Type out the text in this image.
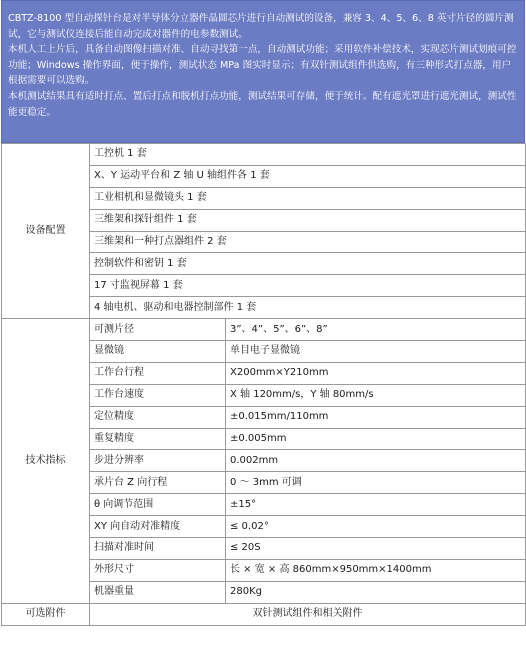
CBTZ-8100 型自动探针台是对半导体分立器件晶圆芯片进行自动测试的设备，兼容 3、4、5、6、8 英寸片径的圆片测试，它与测试仪连接后能自动完成对器件的电参数测试。

本机人工上片后，具备自动图像扫描对准、自动寻找第一点，自动测试功能；采用软件补偿技术，实现芯片测试划痕可控功能；Windows 操作界面，便于操作，测试状态 MPa 图实时显示；有双针测试组件供选购，有三种形式打点器，用户根据需要可以选购。

本机测试结果具有适时打点、置后打点和脱机打点功能，测试结果可存储，便于统计。配有遮光罩进行遮光测试，测试性能更稳定。

设备配置	工控机 1 套	
	X、Y 运动平台和 Z 轴 U 轴组件各 1 套	
	工业相机和显微镜头 1 套	
	三维架和探针组件 1 套	
	三维架和一种打点器组件 2 套	
	控制软件和密钥 1 套	
	17 寸监视屏幕 1 套	
	4 轴电机、驱动和电器控制部件 1 套	
技术指标	可测片径	3”、4”、5”、6”、8”
	显微镜	单目电子显微镜
	工作台行程	X200mm×Y210mm
	工作台速度	X 轴 120mm/s，Y 轴 80mm/s
	定位精度	±0.015mm/110mm
	重复精度	±0.005mm
	步进分辨率	0.002mm
	承片台 Z 向行程	0 ～ 3mm 可调
	θ 向调节范围	±15°
	XY 向自动对准精度	≤ 0.02°
	扫描对准时间	≤ 20S
	外形尺寸	长 × 宽 × 高 860mm×950mm×1400mm
	机器重量	280Kg
可选附件	双针测试组件和相关附件	
